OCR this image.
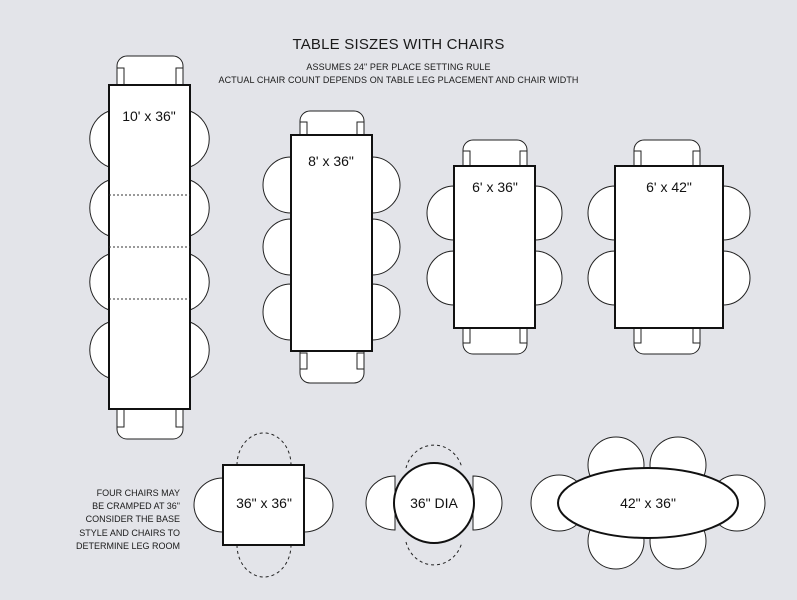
TABLE SISZES WITH CHAIRS
ASSUMES 24" PER PLACE SETTING RULE
ACTUAL CHAIR COUNT DEPENDS ON TABLE LEG PLACEMENT AND CHAIR WIDTH
FOUR CHAIRS MAY
BE CRAMPED AT 36"
CONSIDER THE BASE
STYLE AND CHAIRS TO
DETERMINE LEG ROOM
10' x 36"
8' x 36"
6' x 36"	6' x 42"
36" x 36"	36" DIA	42" x 36"
